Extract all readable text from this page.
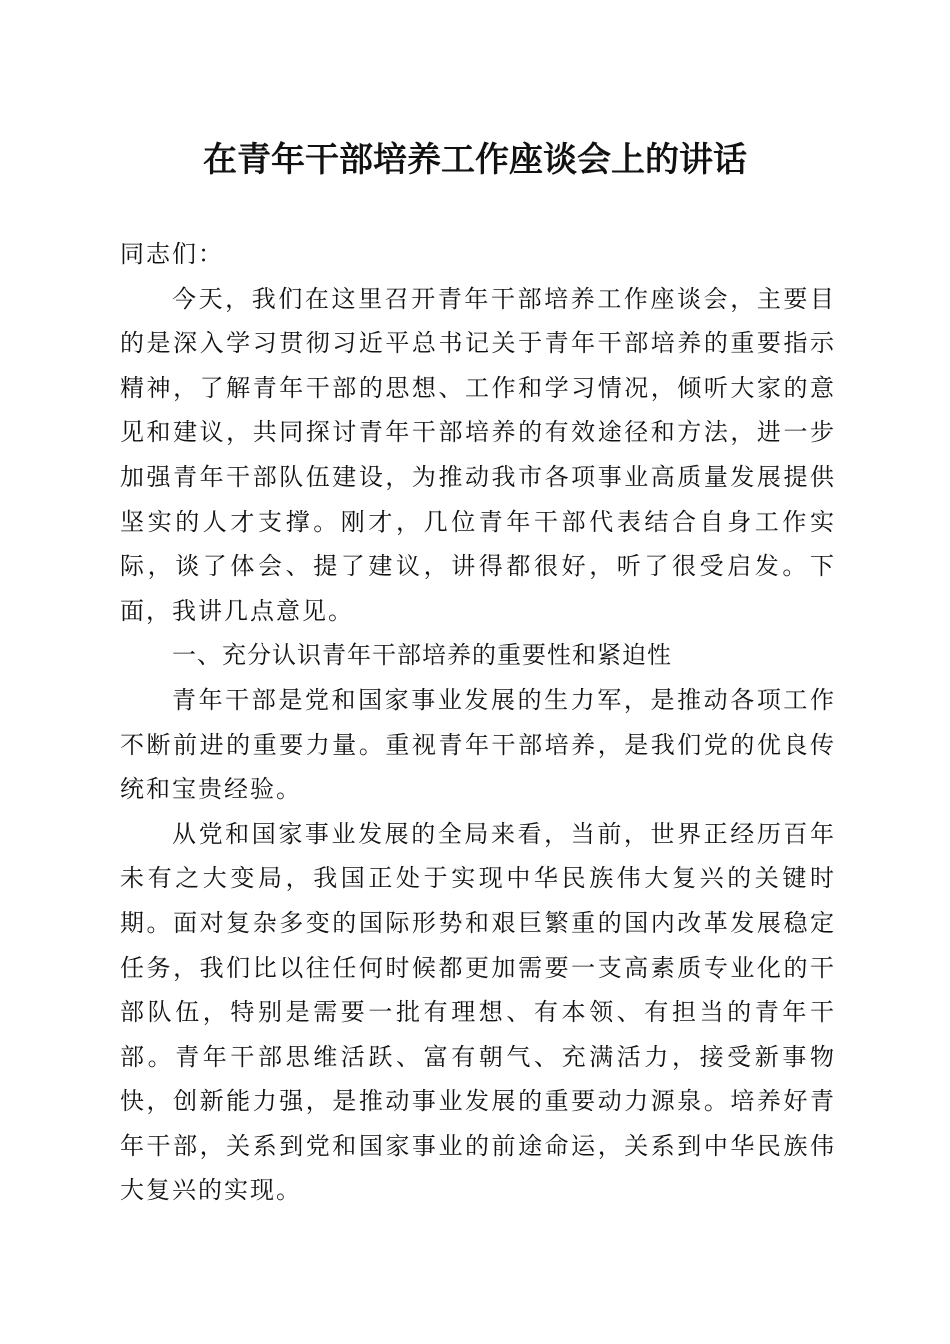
在青年干部培养工作座谈会上的讲话

同志们：

今天，我们在这里召开青年干部培养工作座谈会，主要目的是深入学习贯彻习近平总书记关于青年干部培养的重要指示精神，了解青年干部的思想、工作和学习情况，倾听大家的意见和建议，共同探讨青年干部培养的有效途径和方法，进一步加强青年干部队伍建设，为推动我市各项事业高质量发展提供坚实的人才支撑。刚才，几位青年干部代表结合自身工作实际，谈了体会、提了建议，讲得都很好，听了很受启发。下面，我讲几点意见。

一、充分认识青年干部培养的重要性和紧迫性

青年干部是党和国家事业发展的生力军，是推动各项工作不断前进的重要力量。重视青年干部培养，是我们党的优良传统和宝贵经验。

从党和国家事业发展的全局来看，当前，世界正经历百年未有之大变局，我国正处于实现中华民族伟大复兴的关键时期。面对复杂多变的国际形势和艰巨繁重的国内改革发展稳定任务，我们比以往任何时候都更加需要一支高素质专业化的干部队伍，特别是需要一批有理想、有本领、有担当的青年干部。青年干部思维活跃、富有朝气、充满活力，接受新事物快，创新能力强，是推动事业发展的重要动力源泉。培养好青年干部，关系到党和国家事业的前途命运，关系到中华民族伟大复兴的实现。
